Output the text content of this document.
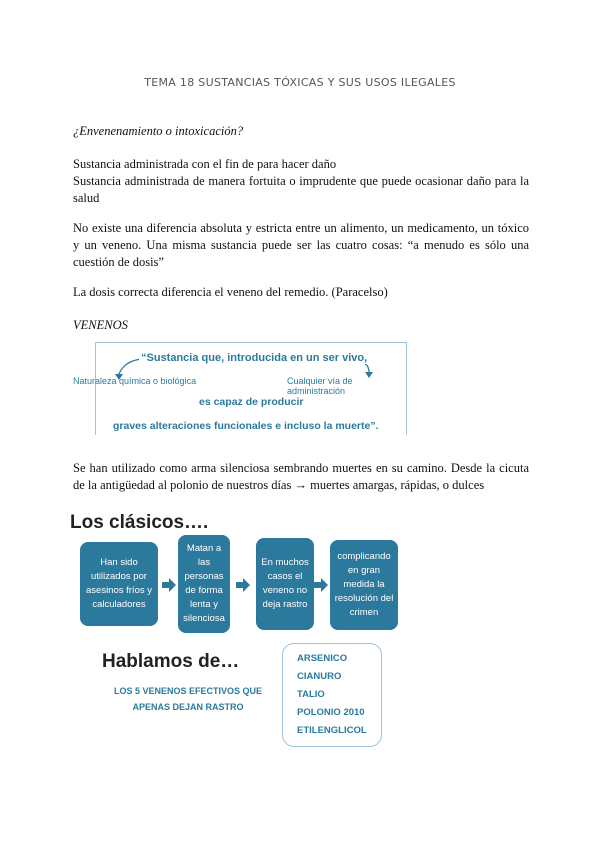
TEMA 18 SUSTANCIAS TÓXICAS Y SUS USOS ILEGALES
¿Envenenamiento o intoxicación?
Sustancia administrada con el fin de para hacer daño
Sustancia administrada de manera fortuita o imprudente que puede ocasionar daño para la salud
No existe una diferencia absoluta y estricta entre un alimento, un medicamento, un tóxico y un veneno. Una misma sustancia puede ser las cuatro cosas: “a menudo es sólo una cuestión de dosis”
La dosis correcta diferencia el veneno del remedio. (Paracelso)
VENENOS
“Sustancia que, introducida en un ser vivo,
Naturaleza química o biológica	Cualquier vía de administración
es capaz de producir
graves alteraciones funcionales e incluso la muerte”.
Se han utilizado como arma silenciosa sembrando muertes en su camino. Desde la cicuta de la antigüedad al polonio de nuestros días → muertes amargas, rápidas, o dulces
Los clásicos….
Han sido utilizados por asesinos fríos y calculadores
Matan a las personas de forma lenta y silenciosa
En muchos casos el veneno no deja rastro
complicando en gran medida la resolución del crimen
Hablamos de…
LOS 5 VENENOS EFECTIVOS QUE APENAS DEJAN RASTRO
ARSENICO
CIANURO
TALIO
POLONIO 2010
ETILENGLICOL
